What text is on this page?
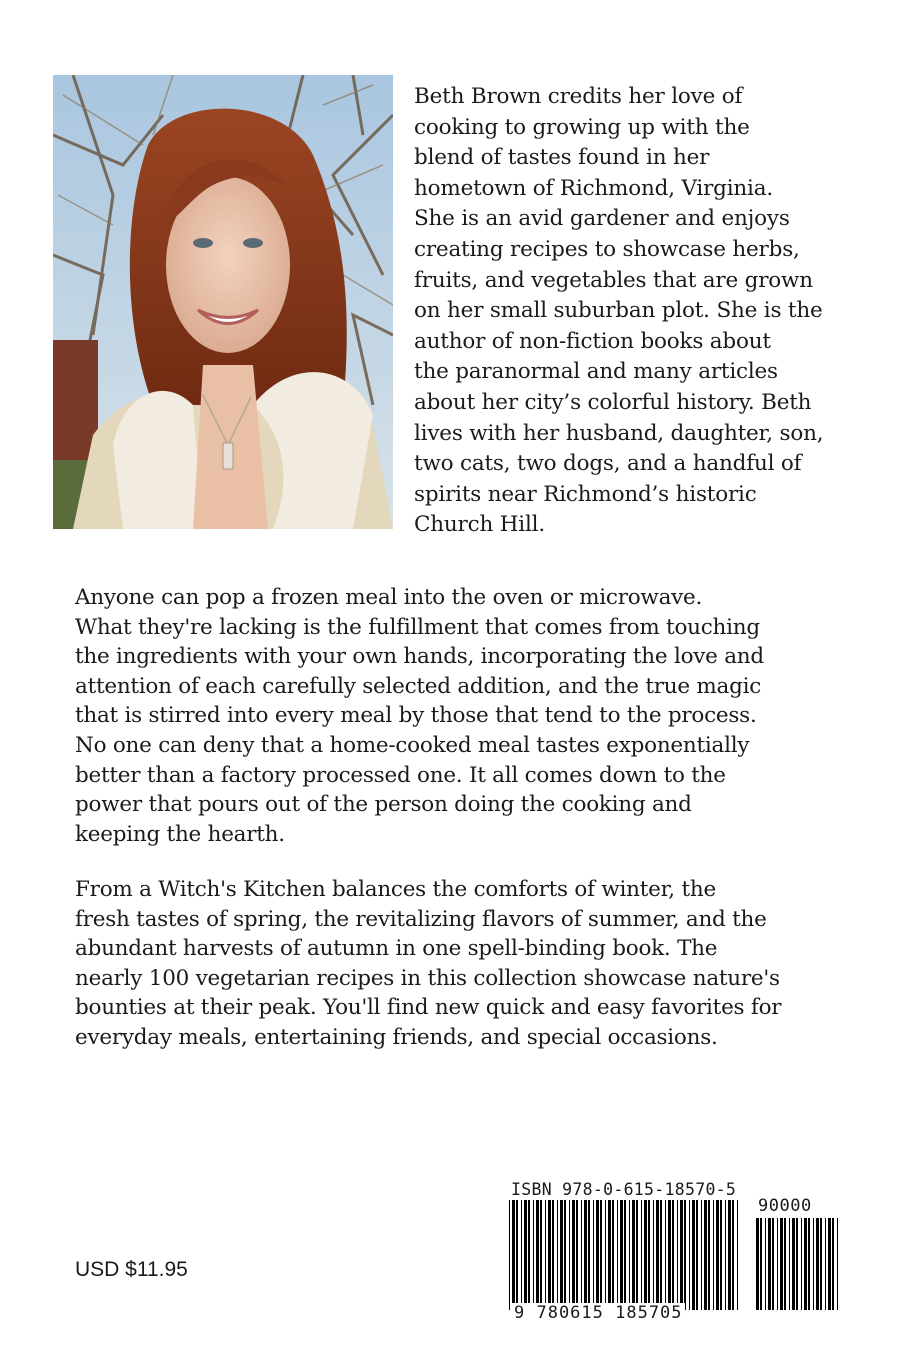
Beth Brown credits her love of
cooking to growing up with the
blend of tastes found in her
hometown of Richmond, Virginia.
She is an avid gardener and enjoys
creating recipes to showcase herbs,
fruits, and vegetables that are grown
on her small suburban plot. She is the
author of non-fiction books about
the paranormal and many articles
about her city’s colorful history. Beth
lives with her husband, daughter, son,
two cats, two dogs, and a handful of
spirits near Richmond’s historic
Church Hill.
Anyone can pop a frozen meal into the oven or microwave.
What they're lacking is the fulfillment that comes from touching
the ingredients with your own hands, incorporating the love and
attention of each carefully selected addition, and the true magic
that is stirred into every meal by those that tend to the process.
No one can deny that a home-cooked meal tastes exponentially
better than a factory processed one. It all comes down to the
power that pours out of the person doing the cooking and
keeping the hearth.
From a Witch's Kitchen balances the comforts of winter, the
fresh tastes of spring, the revitalizing flavors of summer, and the
abundant harvests of autumn in one spell-binding book. The
nearly 100 vegetarian recipes in this collection showcase nature's
bounties at their peak. You'll find new quick and easy favorites for
everyday meals, entertaining friends, and special occasions.
USD $11.95
ISBN 978-0-615-18570-5
90000
9 780615 185705
